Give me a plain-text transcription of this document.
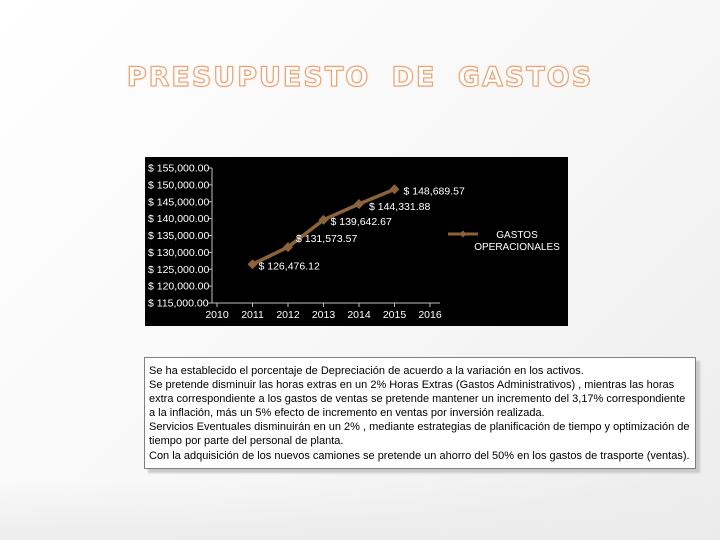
PRESUPUESTO DE GASTOS
$ 155,000.00
$ 150,000.00
$ 145,000.00
$ 140,000.00
$ 135,000.00
$ 130,000.00
$ 125,000.00
$ 120,000.00
$ 115,000.00
2010 2011 2012 2013 2014 2015 2016
$ 126,476.12
$ 131,573.57
$ 139,642.67
$ 144,331.88
$ 148,689.57
GASTOS
OPERACIONALES

Se ha establecido el porcentaje de Depreciación de acuerdo a la variación en los activos.

Se pretende disminuir las horas extras en un 2% Horas Extras (Gastos Administrativos) , mientras las horas extra correspondiente a los gastos de ventas se pretende mantener un incremento del 3,17% correspondiente a la inflación, más un 5% efecto de incremento en ventas por inversión realizada.

Servicios Eventuales disminuirán en un 2% , mediante estrategias de planificación de tiempo y optimización de tiempo por parte del personal de planta.

Con la adquisición de los nuevos camiones se pretende un ahorro del 50% en los gastos de trasporte (ventas).
